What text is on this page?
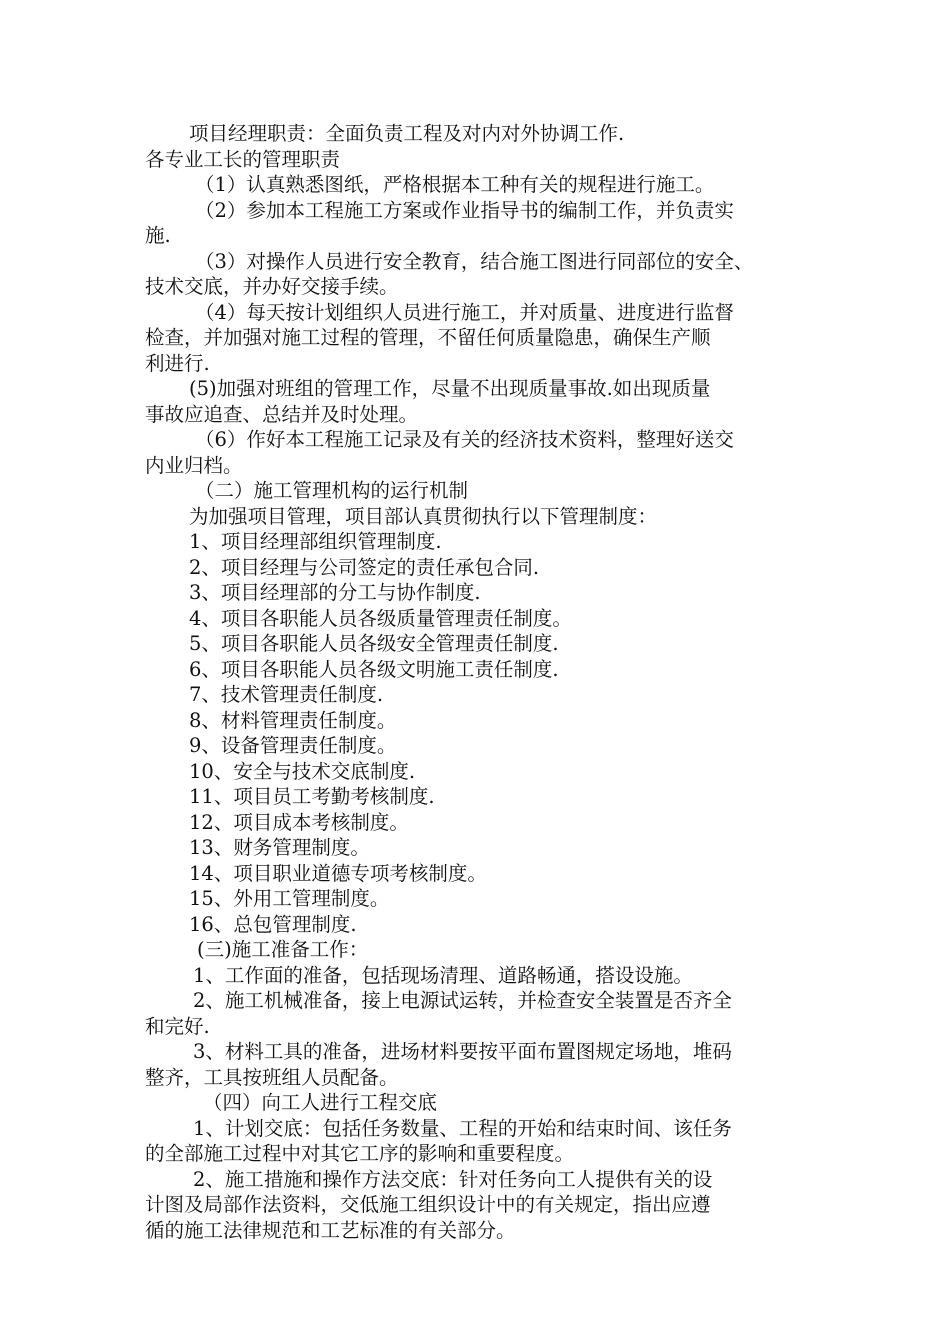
项目经理职责：全面负责工程及对内对外协调工作.
各专业工长的管理职责
（1）认真熟悉图纸，严格根据本工种有关的规程进行施工。
（2）参加本工程施工方案或作业指导书的编制工作，并负责实
施.
（3）对操作人员进行安全教育，结合施工图进行同部位的安全、
技术交底，并办好交接手续。
（4）每天按计划组织人员进行施工，并对质量、进度进行监督
检查，并加强对施工过程的管理，不留任何质量隐患，确保生产顺
利进行.
(5)加强对班组的管理工作，尽量不出现质量事故.如出现质量
事故应追查、总结并及时处理。
（6）作好本工程施工记录及有关的经济技术资料，整理好送交
内业归档。
（二）施工管理机构的运行机制
为加强项目管理，项目部认真贯彻执行以下管理制度：
1、项目经理部组织管理制度.
2、项目经理与公司签定的责任承包合同.
3、项目经理部的分工与协作制度.
4、项目各职能人员各级质量管理责任制度。
5、项目各职能人员各级安全管理责任制度.
6、项目各职能人员各级文明施工责任制度.
7、技术管理责任制度.
8、材料管理责任制度。
9、设备管理责任制度。
10、安全与技术交底制度.
11、项目员工考勤考核制度.
12、项目成本考核制度。
13、财务管理制度。
14、项目职业道德专项考核制度。
15、外用工管理制度。
16、总包管理制度.
(三)施工准备工作：
1、工作面的准备，包括现场清理、道路畅通，搭设设施。
2、施工机械准备，接上电源试运转，并检查安全装置是否齐全
和完好.
3、材料工具的准备，进场材料要按平面布置图规定场地，堆码
整齐，工具按班组人员配备。
（四）向工人进行工程交底
1、计划交底：包括任务数量、工程的开始和结束时间、该任务
的全部施工过程中对其它工序的影响和重要程度。
2、施工措施和操作方法交底：针对任务向工人提供有关的设
计图及局部作法资料，交低施工组织设计中的有关规定，指出应遵
循的施工法律规范和工艺标准的有关部分。
